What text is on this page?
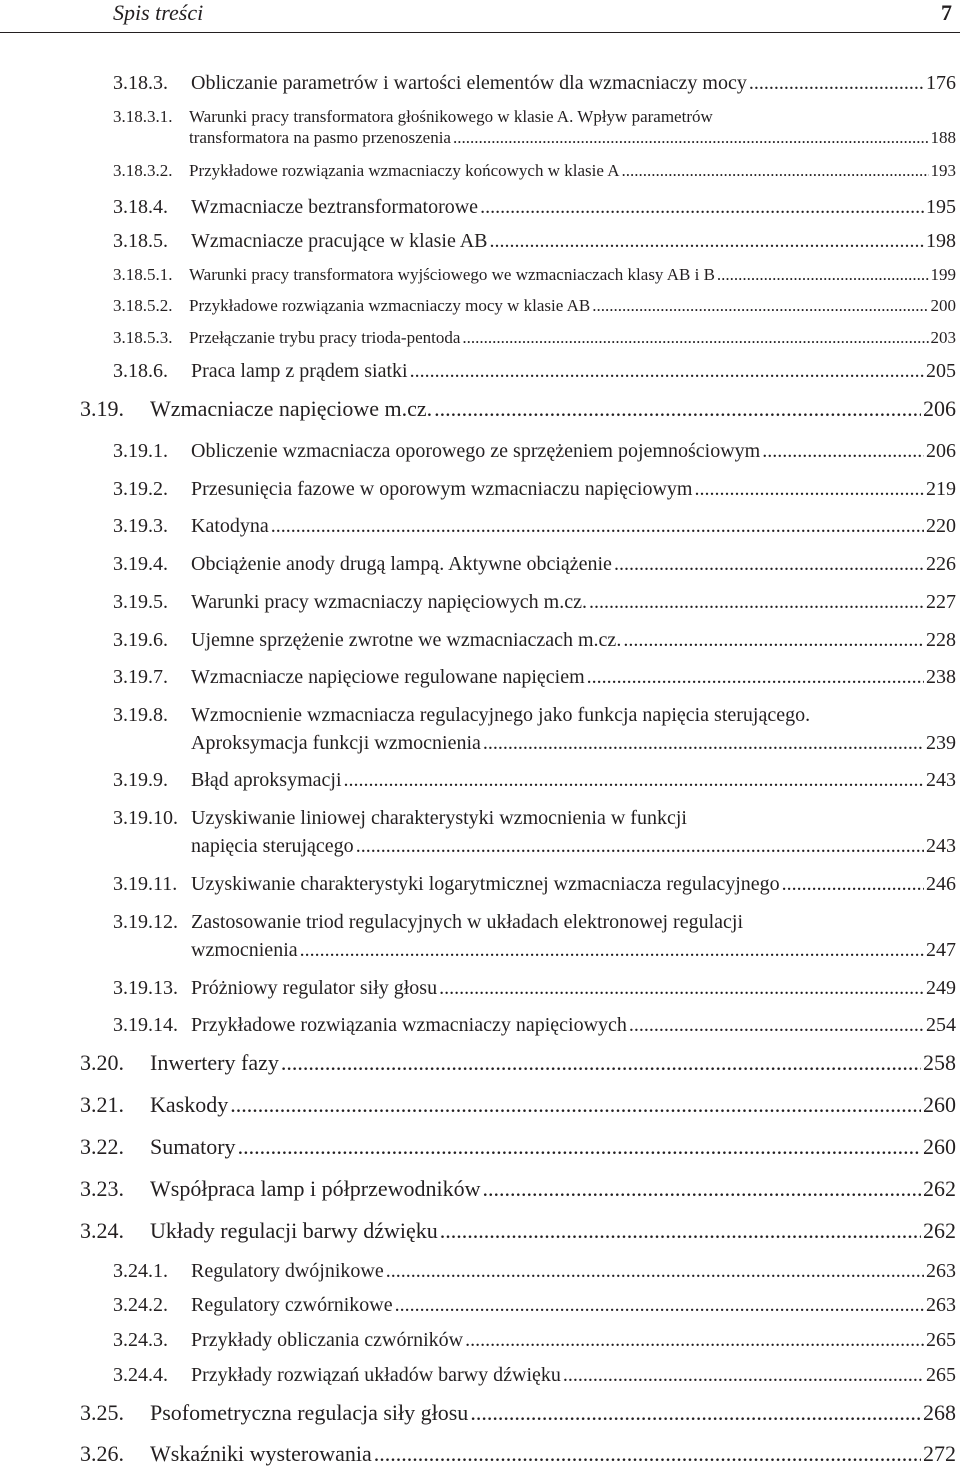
Spis treści	7
3.18.3.	Obliczanie parametrów i wartości elementów dla wzmacniaczy mocy .....	176
3.18.3.1. Warunki pracy transformatora głośnikowego w klasie A. Wpływ parametrów
transformatora na pasmo przenoszenia .....	188
3.18.3.2. Przykładowe rozwiązania wzmacniaczy końcowych w klasie A .....	193
3.18.4.	Wzmacniacze beztransformatorowe .....	195
3.18.5.	Wzmacniacze pracujące w klasie AB .....	198
3.18.5.1. Warunki pracy transformatora wyjściowego we wzmacniaczach klasy AB i B .....	199
3.18.5.2. Przykładowe rozwiązania wzmacniaczy mocy w klasie AB .....	200
3.18.5.3. Przełączanie trybu pracy trioda-pentoda .....	203
3.18.6.	Praca lamp z prądem siatki .....	205
3.19.	Wzmacniacze napięciowe m.cz. .....	206
3.19.1.	Obliczenie wzmacniacza oporowego ze sprzężeniem pojemnościowym .....	206
3.19.2.	Przesunięcia fazowe w oporowym wzmacniaczu napięciowym .....	219
3.19.3.	Katodyna .....	220
3.19.4.	Obciążenie anody drugą lampą. Aktywne obciążenie .....	226
3.19.5.	Warunki pracy wzmacniaczy napięciowych m.cz. .....	227
3.19.6.	Ujemne sprzężenie zwrotne we wzmacniaczach m.cz. .....	228
3.19.7.	Wzmacniacze napięciowe regulowane napięciem .....	238
3.19.8. Wzmocnienie wzmacniacza regulacyjnego jako funkcja napięcia sterującego.
Aproksymacja funkcji wzmocnienia .....	239
3.19.9.	Błąd aproksymacji .....	243
3.19.10. Uzyskiwanie liniowej charakterystyki wzmocnienia w funkcji
napięcia sterującego .....	243
3.19.11. Uzyskiwanie charakterystyki logarytmicznej wzmacniacza regulacyjnego .....	246
3.19.12. Zastosowanie triod regulacyjnych w układach elektronowej regulacji
wzmocnienia .....	247
3.19.13. Próżniowy regulator siły głosu .....	249
3.19.14. Przykładowe rozwiązania wzmacniaczy napięciowych .....	254
3.20.	Inwertery fazy .....	258
3.21.	Kaskody .....	260
3.22.	Sumatory .....	260
3.23.	Współpraca lamp i półprzewodników .....	262
3.24.	Układy regulacji barwy dźwięku .....	262
3.24.1.	Regulatory dwójnikowe .....	263
3.24.2.	Regulatory czwórnikowe .....	263
3.24.3.	Przykłady obliczania czwórników .....	265
3.24.4.	Przykłady rozwiązań układów barwy dźwięku .....	265
3.25.	Psofometryczna regulacja siły głosu .....	268
3.26.	Wskaźniki wysterowania .....	272
